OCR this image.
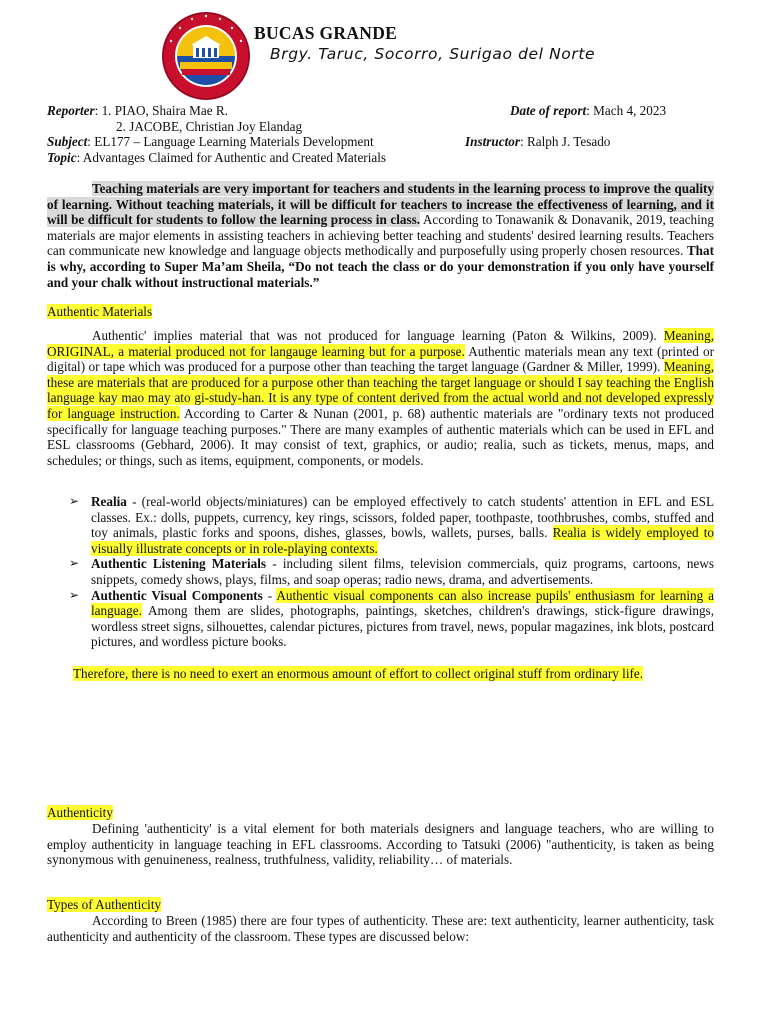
BUCAS GRANDE
Brgy. Taruc, Socorro, Surigao del Norte
Reporter: 1. PIAO, Shaira Mae R.	Date of report: Mach 4, 2023
2. JACOBE, Christian Joy Elandag
Subject: EL177 – Language Learning Materials Development	Instructor: Ralph J. Tesado
Topic: Advantages Claimed for Authentic and Created Materials
Teaching materials are very important for teachers and students in the learning process to improve the quality of learning. Without teaching materials, it will be difficult for teachers to increase the effectiveness of learning, and it will be difficult for students to follow the learning process in class. According to Tonawanik & Donavanik, 2019, teaching materials are major elements in assisting teachers in achieving better teaching and students' desired learning results. Teachers can communicate new knowledge and language objects methodically and purposefully using properly chosen resources. That is why, according to Super Ma’am Sheila, “Do not teach the class or do your demonstration if you only have yourself and your chalk without instructional materials.”
Authentic Materials
Authentic' implies material that was not produced for language learning (Paton & Wilkins, 2009). Meaning, ORIGINAL, a material produced not for langauge learning but for a purpose. Authentic materials mean any text (printed or digital) or tape which was produced for a purpose other than teaching the target language (Gardner & Miller, 1999). Meaning, these are materials that are produced for a purpose other than teaching the target language or should I say teaching the English language kay mao may ato gi-study-han. It is any type of content derived from the actual world and not developed expressly for language instruction. According to Carter & Nunan (2001, p. 68) authentic materials are "ordinary texts not produced specifically for language teaching purposes." There are many examples of authentic materials which can be used in EFL and ESL classrooms (Gebhard, 2006). It may consist of text, graphics, or audio; realia, such as tickets, menus, maps, and schedules; or things, such as items, equipment, components, or models.
➢ Realia - (real-world objects/miniatures) can be employed effectively to catch students' attention in EFL and ESL classes. Ex.: dolls, puppets, currency, key rings, scissors, folded paper, toothpaste, toothbrushes, combs, stuffed and toy animals, plastic forks and spoons, dishes, glasses, bowls, wallets, purses, balls. Realia is widely employed to visually illustrate concepts or in role-playing contexts.
➢ Authentic Listening Materials - including silent films, television commercials, quiz programs, cartoons, news snippets, comedy shows, plays, films, and soap operas; radio news, drama, and advertisements.
➢ Authentic Visual Components - Authentic visual components can also increase pupils' enthusiasm for learning a language. Among them are slides, photographs, paintings, sketches, children's drawings, stick-figure drawings, wordless street signs, silhouettes, calendar pictures, pictures from travel, news, popular magazines, ink blots, postcard pictures, and wordless picture books.
Therefore, there is no need to exert an enormous amount of effort to collect original stuff from ordinary life.
Authenticity
Defining 'authenticity' is a vital element for both materials designers and language teachers, who are willing to employ authenticity in language teaching in EFL classrooms. According to Tatsuki (2006) "authenticity, is taken as being synonymous with genuineness, realness, truthfulness, validity, reliability… of materials.
Types of Authenticity
According to Breen (1985) there are four types of authenticity. These are: text authenticity, learner authenticity, task authenticity and authenticity of the classroom. These types are discussed below:
